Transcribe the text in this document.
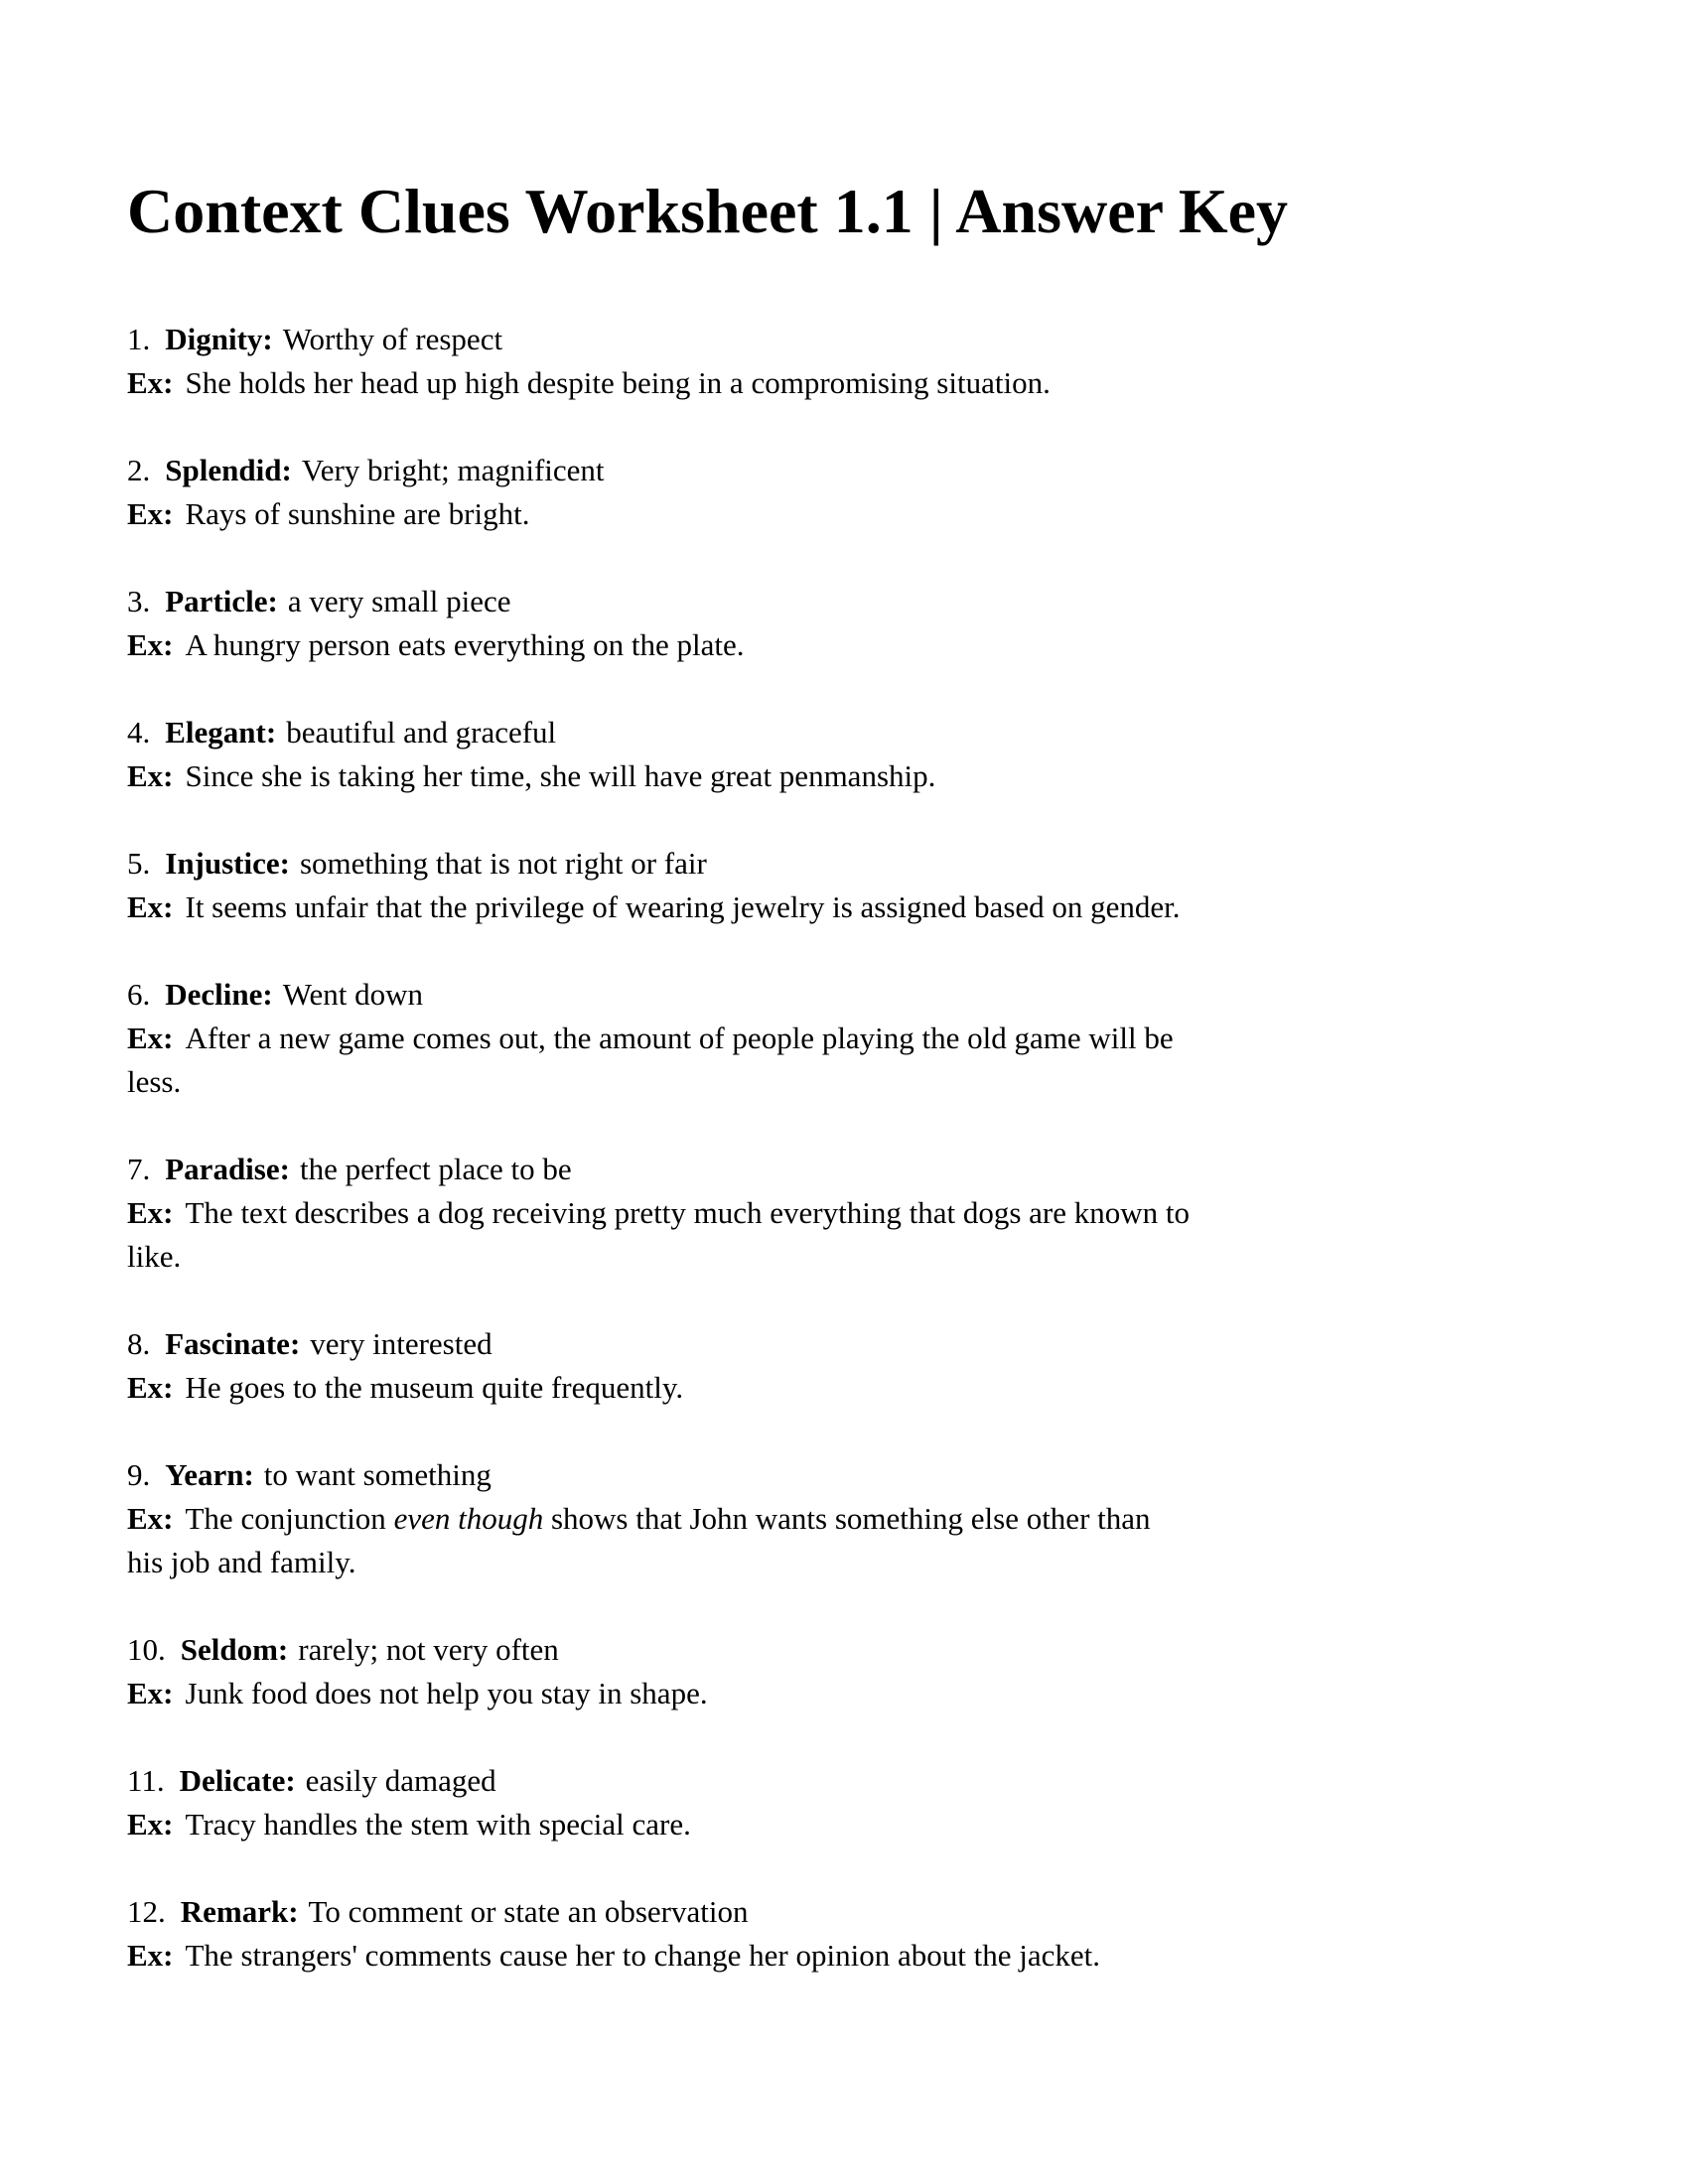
Context Clues Worksheet 1.1 | Answer Key
1. Dignity: Worthy of respect
Ex: She holds her head up high despite being in a compromising situation.
2. Splendid: Very bright; magnificent
Ex: Rays of sunshine are bright.
3. Particle: a very small piece
Ex: A hungry person eats everything on the plate.
4. Elegant: beautiful and graceful
Ex: Since she is taking her time, she will have great penmanship.
5. Injustice: something that is not right or fair
Ex: It seems unfair that the privilege of wearing jewelry is assigned based on gender.
6. Decline: Went down
Ex: After a new game comes out, the amount of people playing the old game will be
less.
7. Paradise: the perfect place to be
Ex: The text describes a dog receiving pretty much everything that dogs are known to
like.
8. Fascinate: very interested
Ex: He goes to the museum quite frequently.
9. Yearn: to want something
Ex: The conjunction even though shows that John wants something else other than
his job and family.
10. Seldom: rarely; not very often
Ex: Junk food does not help you stay in shape.
11. Delicate: easily damaged
Ex: Tracy handles the stem with special care.
12. Remark: To comment or state an observation
Ex: The strangers' comments cause her to change her opinion about the jacket.
